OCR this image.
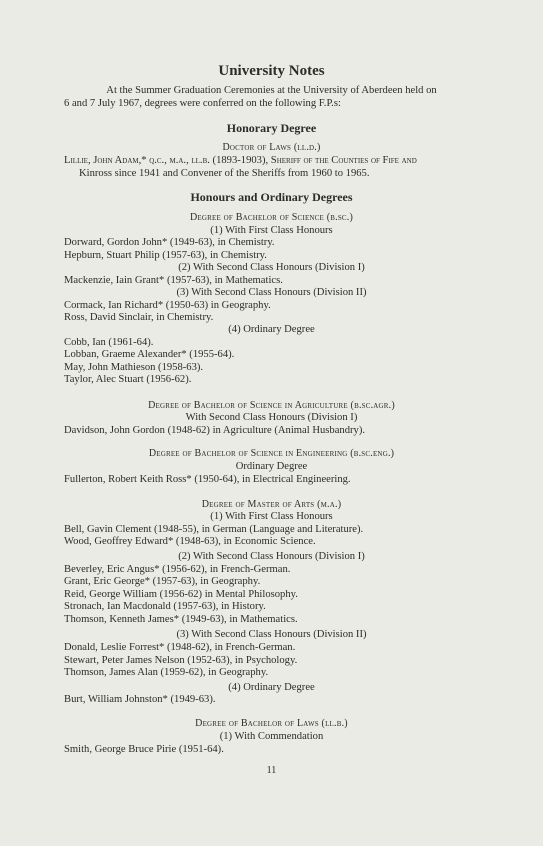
University Notes
At the Summer Graduation Ceremonies at the University of Aberdeen held on
6 and 7 July 1967, degrees were conferred on the following F.P.s:
Honorary Degree
Doctor of Laws (ll.d.)
Lillie, John Adam,* q.c., m.a., ll.b. (1893-1903), Sheriff of the Counties of Fife and
Kinross since 1941 and Convener of the Sheriffs from 1960 to 1965.
Honours and Ordinary Degrees
Degree of Bachelor of Science (b.sc.)
(1) With First Class Honours
Dorward, Gordon John* (1949-63), in Chemistry.
Hepburn, Stuart Philip (1957-63), in Chemistry.
(2) With Second Class Honours (Division I)
Mackenzie, Iain Grant* (1957-63), in Mathematics.
(3) With Second Class Honours (Division II)
Cormack, Ian Richard* (1950-63) in Geography.
Ross, David Sinclair, in Chemistry.
(4) Ordinary Degree
Cobb, Ian (1961-64).
Lobban, Graeme Alexander* (1955-64).
May, John Mathieson (1958-63).
Taylor, Alec Stuart (1956-62).
Degree of Bachelor of Science in Agriculture (b.sc.agr.)
With Second Class Honours (Division I)
Davidson, John Gordon (1948-62) in Agriculture (Animal Husbandry).
Degree of Bachelor of Science in Engineering (b.sc.eng.)
Ordinary Degree
Fullerton, Robert Keith Ross* (1950-64), in Electrical Engineering.
Degree of Master of Arts (m.a.)
(1) With First Class Honours
Bell, Gavin Clement (1948-55), in German (Language and Literature).
Wood, Geoffrey Edward* (1948-63), in Economic Science.
(2) With Second Class Honours (Division I)
Beverley, Eric Angus* (1956-62), in French-German.
Grant, Eric George* (1957-63), in Geography.
Reid, George William (1956-62) in Mental Philosophy.
Stronach, Ian Macdonald (1957-63), in History.
Thomson, Kenneth James* (1949-63), in Mathematics.
(3) With Second Class Honours (Division II)
Donald, Leslie Forrest* (1948-62), in French-German.
Stewart, Peter James Nelson (1952-63), in Psychology.
Thomson, James Alan (1959-62), in Geography.
(4) Ordinary Degree
Burt, William Johnston* (1949-63).
Degree of Bachelor of Laws (ll.b.)
(1) With Commendation
Smith, George Bruce Pirie (1951-64).
11
